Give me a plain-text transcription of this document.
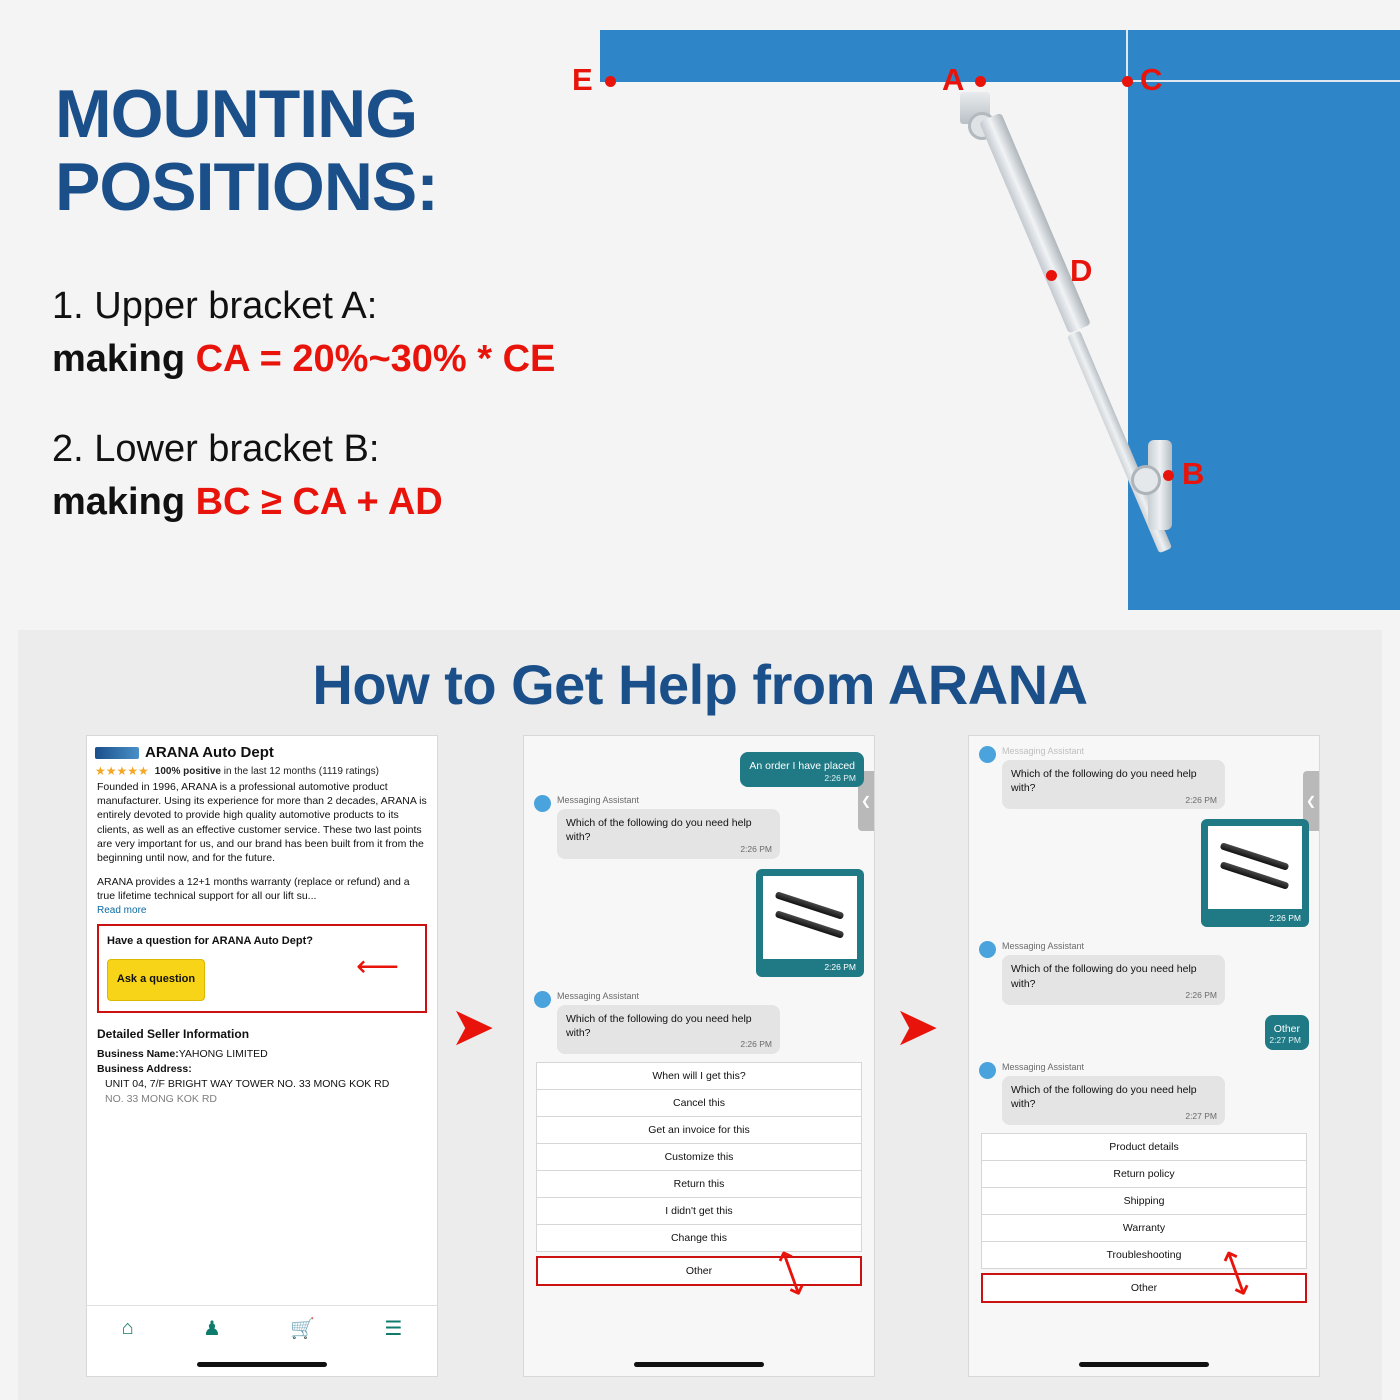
MOUNTING POSITIONS:
1. Upper bracket A:
making CA = 20%~30% * CE
2. Lower bracket B:
making BC ≥ CA + AD
E	A	C
D
B
How to Get Help from ARANA
➤	➤
ARANA Auto Dept
★★★★★ 100% positive in the last 12 months (1119 ratings)
Founded in 1996, ARANA is a professional automotive product manufacturer. Using its experience for more than 2 decades, ARANA is entirely devoted to provide high quality automotive products to its clients, as well as an effective customer service. These two last points are very important for us, and our brand has been built from it from the beginning until now, and for the future.
ARANA provides a 12+1 months warranty (replace or refund) and a true lifetime technical support for all our lift su...
Read more
Have a question for ARANA Auto Dept?
Ask a question	⟵
Detailed Seller Information
Business Name:YAHONG LIMITED
Business Address:
UNIT 04, 7/F BRIGHT WAY TOWER NO. 33 MONG KOK RD
NO. 33 MONG KOK RD
⌂	♟	🛒	☰
❮
An order I have placed
2:26 PM
Messaging Assistant
Which of the following do you need help with?
2:26 PM
2:26 PM
Messaging Assistant
Which of the following do you need help with?
2:26 PM
When will I get this?
Cancel this
Get an invoice for this
Customize this
Return this
I didn't get this
Change this
Other	⟷
❮
Messaging Assistant
Which of the following do you need help with?
2:26 PM
2:26 PM
Messaging Assistant
Which of the following do you need help with?
2:26 PM
Other
2:27 PM
Messaging Assistant
Which of the following do you need help with?
2:27 PM
Product details
Return policy
Shipping
Warranty
Troubleshooting
Other	⟷
